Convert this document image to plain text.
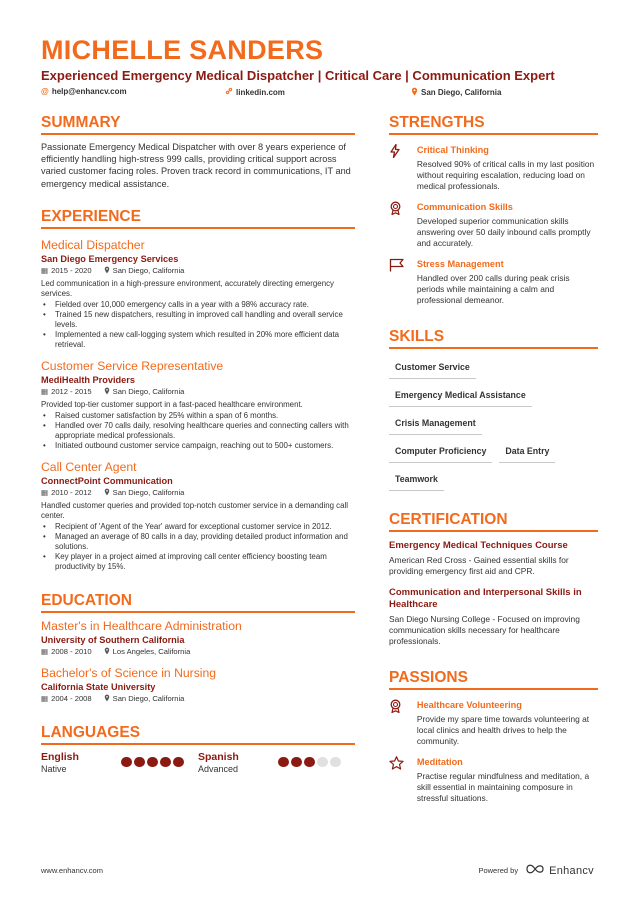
MICHELLE SANDERS
Experienced Emergency Medical Dispatcher | Critical Care | Communication Expert
@ help@enhancv.com	linkedin.com	San Diego, California
SUMMARY
Passionate Emergency Medical Dispatcher with over 8 years experience of efficiently handling high-stress 999 calls, providing critical support across varied customer facing roles. Proven track record in communications, IT and emergency medical assistance.
EXPERIENCE
Medical Dispatcher
San Diego Emergency Services
▦ 2015 - 2020	San Diego, California
Led communication in a high-pressure environment, accurately directing emergency services.
• Fielded over 10,000 emergency calls in a year with a 98% accuracy rate.
• Trained 15 new dispatchers, resulting in improved call handling and overall service levels.
• Implemented a new call-logging system which resulted in 20% more efficient data retrieval.
Customer Service Representative
MediHealth Providers
▦ 2012 - 2015	San Diego, California
Provided top-tier customer support in a fast-paced healthcare environment.
• Raised customer satisfaction by 25% within a span of 6 months.
• Handled over 70 calls daily, resolving healthcare queries and connecting callers with appropriate medical professionals.
• Initiated outbound customer service campaign, reaching out to 500+ customers.
Call Center Agent
ConnectPoint Communication
▦ 2010 - 2012	San Diego, California
Handled customer queries and provided top-notch customer service in a demanding call center.
• Recipient of 'Agent of the Year' award for exceptional customer service in 2012.
• Managed an average of 80 calls in a day, providing detailed product information and solutions.
• Key player in a project aimed at improving call center efficiency boosting team productivity by 15%.
EDUCATION
Master's in Healthcare Administration
University of Southern California
▦ 2008 - 2010	Los Angeles, California
Bachelor's of Science in Nursing
California State University
▦ 2004 - 2008	San Diego, California
LANGUAGES
English
Native
Spanish
Advanced
STRENGTHS
Critical Thinking
Resolved 90% of critical calls in my last position without requiring escalation, reducing load on medical professionals.
Communication Skills
Developed superior communication skills answering over 50 daily inbound calls promptly and accurately.
Stress Management
Handled over 200 calls during peak crisis periods while maintaining a calm and professional demeanor.
SKILLS
Customer Service
Emergency Medical Assistance
Crisis Management
Computer Proficiency	Data Entry
Teamwork
CERTIFICATION
Emergency Medical Techniques Course
American Red Cross - Gained essential skills for providing emergency first aid and CPR.
Communication and Interpersonal Skills in Healthcare
San Diego Nursing College - Focused on improving communication skills necessary for healthcare professionals.
PASSIONS
Healthcare Volunteering
Provide my spare time towards volunteering at local clinics and health drives to help the community.
Meditation
Practise regular mindfulness and meditation, a skill essential in maintaining composure in stressful situations.
www.enhancv.com	Powered by	Enhancv
